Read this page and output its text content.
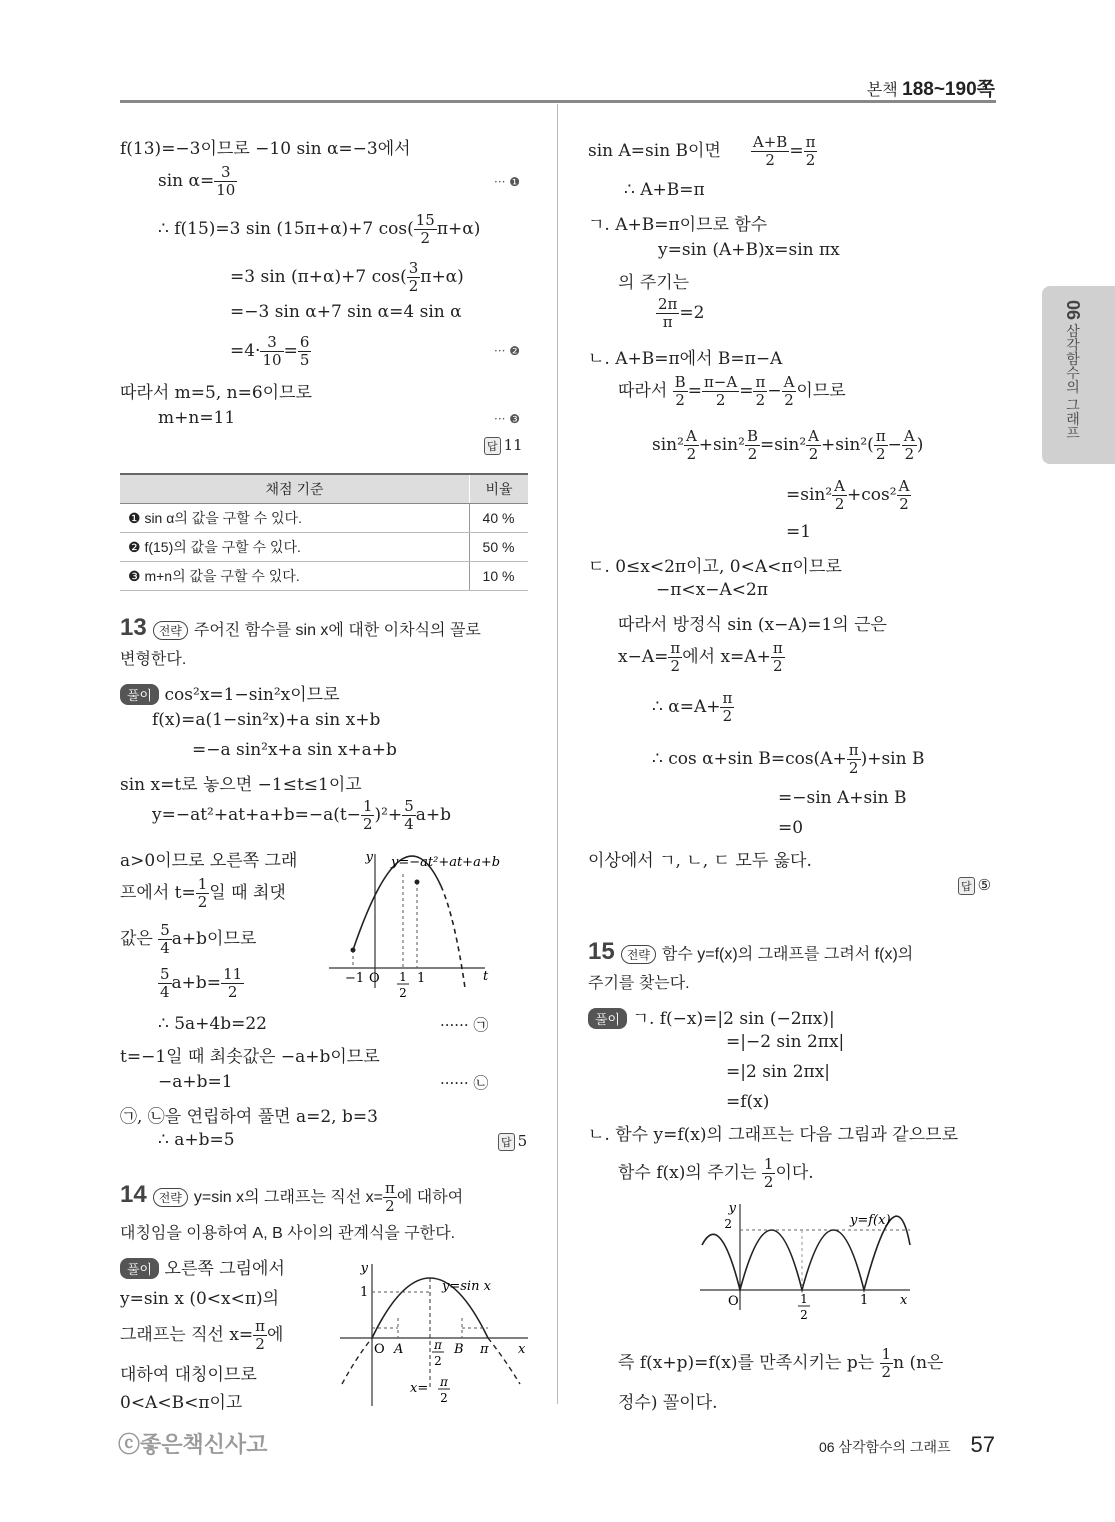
본책 188~190쪽
06 삼각함수의 그래프
f(13)=−3이므로 −10 sin α=−3에서
$\sin \alpha= \frac{3}{10}$	··· ❶
∴ f(15)=3 sin (15π+α)+7 $\cos( \frac{15}{2} \pi+\alpha)$
=3 sin (π+α)+7 $\cos( \frac{3}{2} \pi+\alpha)$
=−3 sin α+7 sin α=4 sin α
$=4\cdot \frac{3}{10} = \frac{6}{5}$	··· ❷
따라서 m=5, n=6이므로
m+n=11	··· ❸
답 11
채점 기준	비율
❶ sin α의 값을 구할 수 있다.	40 %
❷ f(15)의 값을 구할 수 있다.	50 %
❸ m+n의 값을 구할 수 있다.	10 %
13 전략 주어진 함수를 sin x에 대한 이차식의 꼴로
변형한다.
풀이 cos²x=1−sin²x이므로
f(x)=a(1−sin²x)+a sin x+b
=−a sin²x+a sin x+a+b
sin x=t로 놓으면 −1≤t≤1이고
$y=-at^2+at+a+b=-a(t- \frac{1}{2} )^2+ \frac{5}{4} a+b$
a>0이므로 오른쪽 그래
프에서 $t= \frac{1}{2}$ 일 때 최댓
값은 $\frac{5}{4} a+b$이므로
$\frac{5}{4} a+b= \frac{11}{2}$
∴ 5a+4b=22	······ ㉠
t=−1일 때 최솟값은 −a+b이므로
−a+b=1	······ ㉡
㉠, ㉡을 연립하여 풀면 a=2, b=3
∴ a+b=5	답 5
y y=−at²+at+a+b
t
−1 O 1
2
1
14 전략 y=sin x의 그래프는 직선 $x= \frac{\pi}{2}$ 에 대하여
대칭임을 이용하여 A, B 사이의 관계식을 구한다.
풀이 오른쪽 그림에서
y=sin x (0<x<π)의
그래프는 직선 $x= \frac{\pi}{2}$ 에
대하여 대칭이므로
0<A<B<π이고
y
1	y=sin x
O A	π
2
B π x
x= π
2
sin A=sin B이면 $\frac{A+B}{2} = \frac{\pi}{2}$
∴ A+B=π
ㄱ. A+B=π이므로 함수
y=sin (A+B)x=sin πx
의 주기는
$\frac{2\pi}{\pi} =2$
ㄴ. A+B=π에서 B=π−A
따라서 $\frac{B}{2} = \frac{\pi-A}{2} = \frac{\pi}{2} - \frac{A}{2}$ 이므로
$\sin^2 \frac{A}{2} +\sin^2 \frac{B}{2} =\sin^2 \frac{A}{2} +\sin^2( \frac{\pi}{2} - \frac{A}{2}$ )
$=\sin^2 \frac{A}{2} +\cos^2 \frac{A}{2}$
=1
ㄷ. 0≤x<2π이고, 0<A<π이므로
−π<x−A<2π
따라서 방정식 sin (x−A)=1의 근은
$x-A= \frac{\pi}{2}$ 에서 $x=A+ \frac{\pi}{2}$
∴ $\alpha=A+ \frac{\pi}{2}$
∴ cos α+sin $B=\cos(A+ \frac{\pi}{2} )+\sin$ B
=−sin A+sin B
=0
이상에서 ㄱ, ㄴ, ㄷ 모두 옳다.
답 ⑤
15 전략 함수 y=f(x)의 그래프를 그려서 f(x)의
주기를 찾는다.
풀이 ㄱ. f(−x)=|2 sin (−2πx)|
=|−2 sin 2πx|
=|2 sin 2πx|
=f(x)
ㄴ. 함수 y=f(x)의 그래프는 다음 그림과 같으므로
함수 f(x)의 주기는 $\frac{1}{2}$ 이다.
y
2	y=f(x)
O	1
2
1 x
즉 f(x+p)=f(x)를 만족시키는 p는 $\frac{1}{2}$ n (n은
정수) 꼴이다.
ⓒ좋은책신사고	06 삼각함수의 그래프 57
